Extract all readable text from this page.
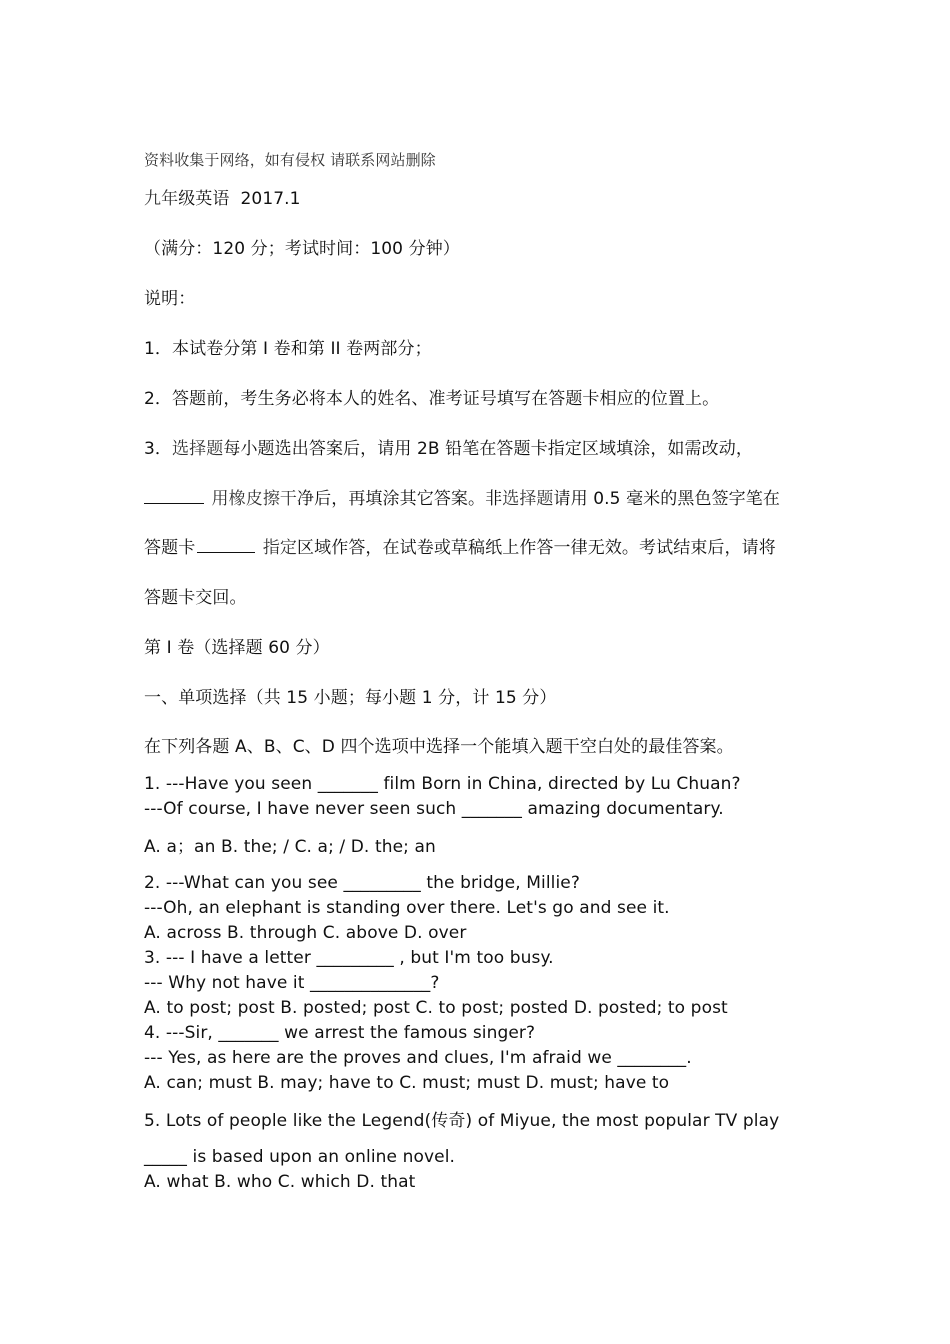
资料收集于网络，如有侵权 请联系网站删除
九年级英语  2017.1
（满分：120 分；考试时间：100 分钟）
说明：
1．本试卷分第 I 卷和第 II 卷两部分；
2．答题前，考生务必将本人的姓名、准考证号填写在答题卡相应的位置上。
3．选择题每小题选出答案后，请用 2B 铅笔在答题卡指定区域填涂，如需改动，
用橡皮擦干净后，再填涂其它答案。非选择题请用 0.5 毫米的黑色签字笔在
答题卡	指定区域作答，在试卷或草稿纸上作答一律无效。考试结束后，请将
答题卡交回。
第 I 卷（选择题 60 分）
一、单项选择（共 15 小题；每小题 1 分，计 15 分）
在下列各题 A、B、C、D 四个选项中选择一个能填入题干空白处的最佳答案。
1. ---Have you seen _______ film Born in China, directed by Lu Chuan?
---Of course, I have never seen such _______ amazing documentary.
A. a；an B. the; / C. a; / D. the; an
2. ---What can you see _________ the bridge, Millie?
---Oh, an elephant is standing over there. Let's go and see it.
A. across B. through C. above D. over
3. --- I have a letter _________ , but I'm too busy.
--- Why not have it ______________?
A. to post; post B. posted; post C. to post; posted D. posted; to post
4. ---Sir, _______ we arrest the famous singer?
--- Yes, as here are the proves and clues, I'm afraid we ________.
A. can; must B. may; have to C. must; must D. must; have to
5. Lots of people like the Legend(传奇) of Miyue, the most popular TV play
_____ is based upon an online novel.
A. what B. who C. which D. that
